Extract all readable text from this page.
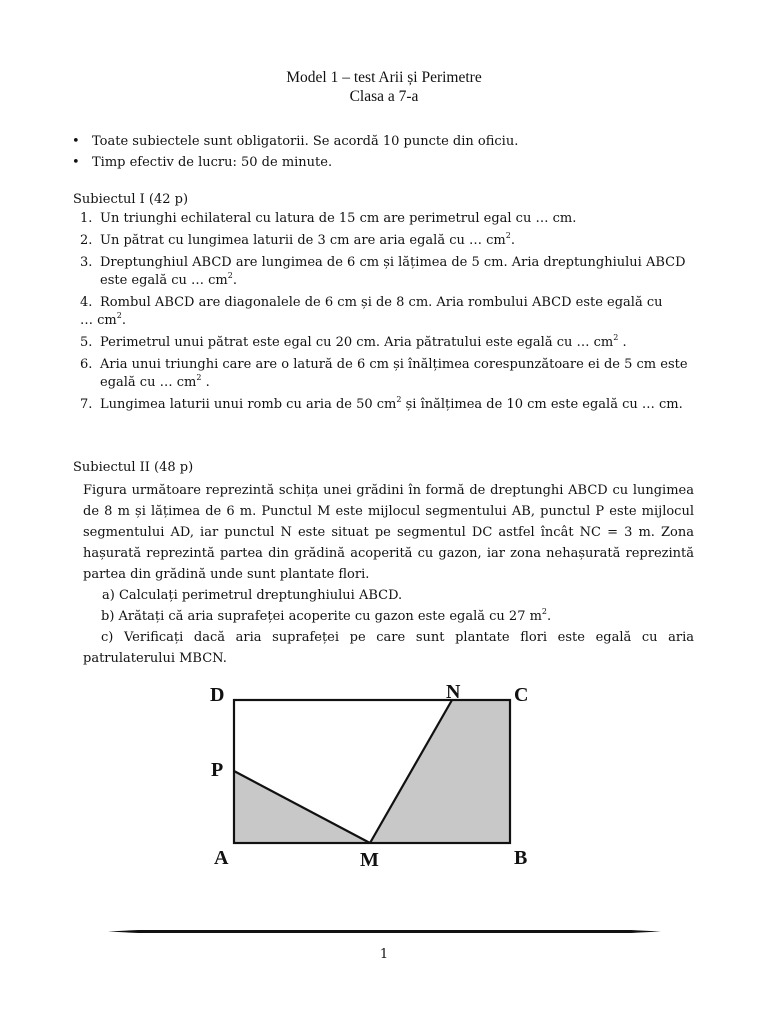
Model 1 – test Arii și Perimetre
Clasa a 7-a
• Toate subiectele sunt obligatorii. Se acordă 10 puncte din oficiu.
• Timp efectiv de lucru: 50 de minute.
Subiectul I (42 p)
1. Un triunghi echilateral cu latura de 15 cm are perimetrul egal cu … cm.
2. Un pătrat cu lungimea laturii de 3 cm are aria egală cu … $cm^2$.
3. Dreptunghiul ABCD are lungimea de 6 cm și lățimea de 5 cm. Aria dreptunghiului ABCD este egală cu … $cm^2$.
4. Rombul ABCD are diagonalele de 6 cm și de 8 cm. Aria rombului ABCD este egală cu
… $cm^2$.
5. Perimetrul unui pătrat este egal cu 20 cm. Aria pătratului este egală cu … $cm^2$ .
6. Aria unui triunghi care are o latură de 6 cm și înălțimea corespunzătoare ei de 5 cm este egală cu … $cm^2$ .
7. Lungimea laturii unui romb cu aria de 50 $cm^2$ și înălțimea de 10 cm este egală cu … cm.
Subiectul II (48 p)

Figura următoare reprezintă schița unei grădini în formă de dreptunghi ABCD cu lungimea de 8 m și lățimea de 6 m. Punctul M este mijlocul segmentului AB, punctul P este mijlocul segmentului AD, iar punctul N este situat pe segmentul DC astfel încât NC = 3 m. Zona hașurată reprezintă partea din grădină acoperită cu gazon, iar zona nehașurată reprezintă partea din grădină unde sunt plantate flori.

a) Calculați perimetrul dreptunghiului ABCD.

b) Arătați că aria suprafeței acoperite cu gazon este egală cu 27 $m^2$.

c) Verificați dacă aria suprafeței pe care sunt plantate flori este egală cu aria patrulaterului MBCN.

D	N	C
P
A	M	B
1
